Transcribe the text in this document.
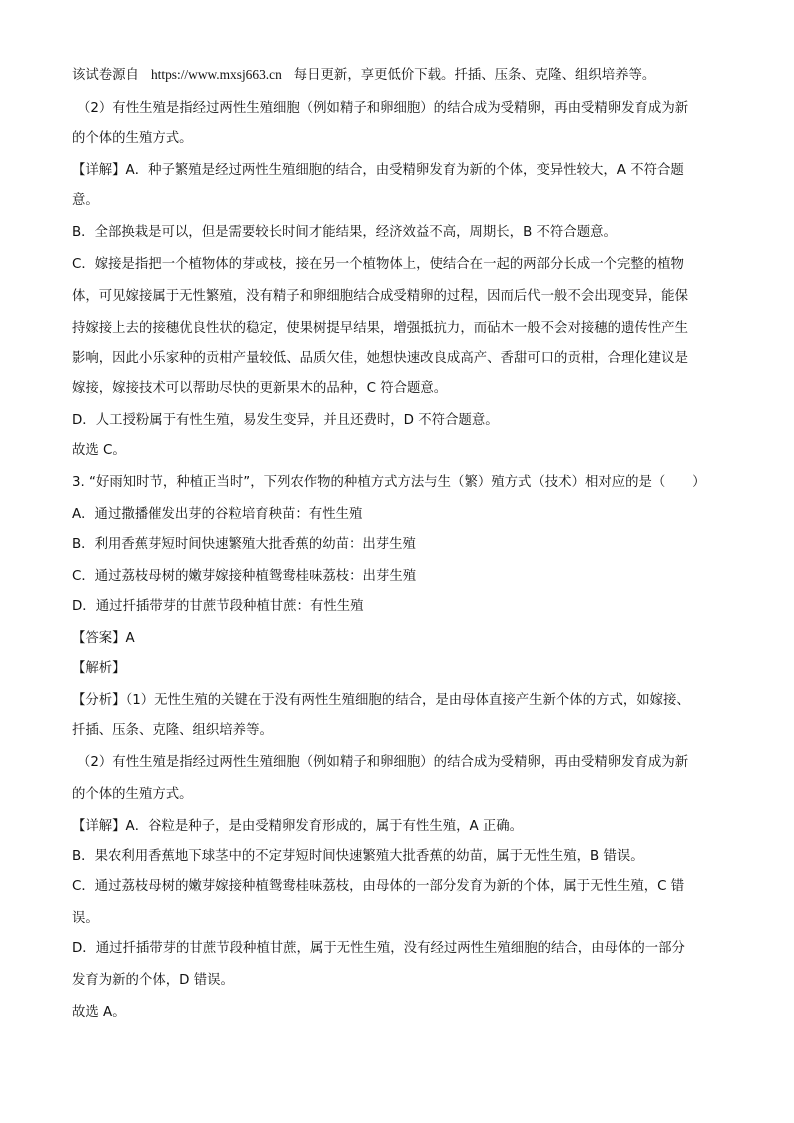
该试卷源自 https://www.mxsj663.cn 每日更新，享更低价下载。扦插、压条、克隆、组织培养等。
（2）有性生殖是指经过两性生殖细胞（例如精子和卵细胞）的结合成为受精卵，再由受精卵发育成为新
的个体的生殖方式。
【详解】A．种子繁殖是经过两性生殖细胞的结合，由受精卵发育为新的个体，变异性较大，A 不符合题
意。
B．全部换栽是可以，但是需要较长时间才能结果，经济效益不高，周期长，B 不符合题意。
C．嫁接是指把一个植物体的芽或枝，接在另一个植物体上，使结合在一起的两部分长成一个完整的植物
体，可见嫁接属于无性繁殖，没有精子和卵细胞结合成受精卵的过程，因而后代一般不会出现变异，能保
持嫁接上去的接穗优良性状的稳定，使果树提早结果，增强抵抗力，而砧木一般不会对接穗的遗传性产生
影响，因此小乐家种的贡柑产量较低、品质欠佳，她想快速改良成高产、香甜可口的贡柑，合理化建议是
嫁接，嫁接技术可以帮助尽快的更新果木的品种，C 符合题意。
D．人工授粉属于有性生殖，易发生变异，并且还费时，D 不符合题意。
故选 C。
3. “好雨知时节，种植正当时”，下列农作物的种植方式方法与生（繁）殖方式（技术）相对应的是（　　）
A．通过撒播催发出芽的谷粒培育秧苗：有性生殖
B．利用香蕉芽短时间快速繁殖大批香蕉的幼苗：出芽生殖
C．通过荔枝母树的嫩芽嫁接种植鸳鸯桂味荔枝：出芽生殖
D．通过扦插带芽的甘蔗节段种植甘蔗：有性生殖
【答案】A
【解析】
【分析】（1）无性生殖的关键在于没有两性生殖细胞的结合，是由母体直接产生新个体的方式，如嫁接、
扦插、压条、克隆、组织培养等。
（2）有性生殖是指经过两性生殖细胞（例如精子和卵细胞）的结合成为受精卵，再由受精卵发育成为新
的个体的生殖方式。
【详解】A．谷粒是种子，是由受精卵发育形成的，属于有性生殖，A 正确。
B．果农利用香蕉地下球茎中的不定芽短时间快速繁殖大批香蕉的幼苗，属于无性生殖，B 错误。
C．通过荔枝母树的嫩芽嫁接种植鸳鸯桂味荔枝，由母体的一部分发育为新的个体，属于无性生殖，C 错
误。
D．通过扦插带芽的甘蔗节段种植甘蔗，属于无性生殖，没有经过两性生殖细胞的结合，由母体的一部分
发育为新的个体，D 错误。
故选 A。
